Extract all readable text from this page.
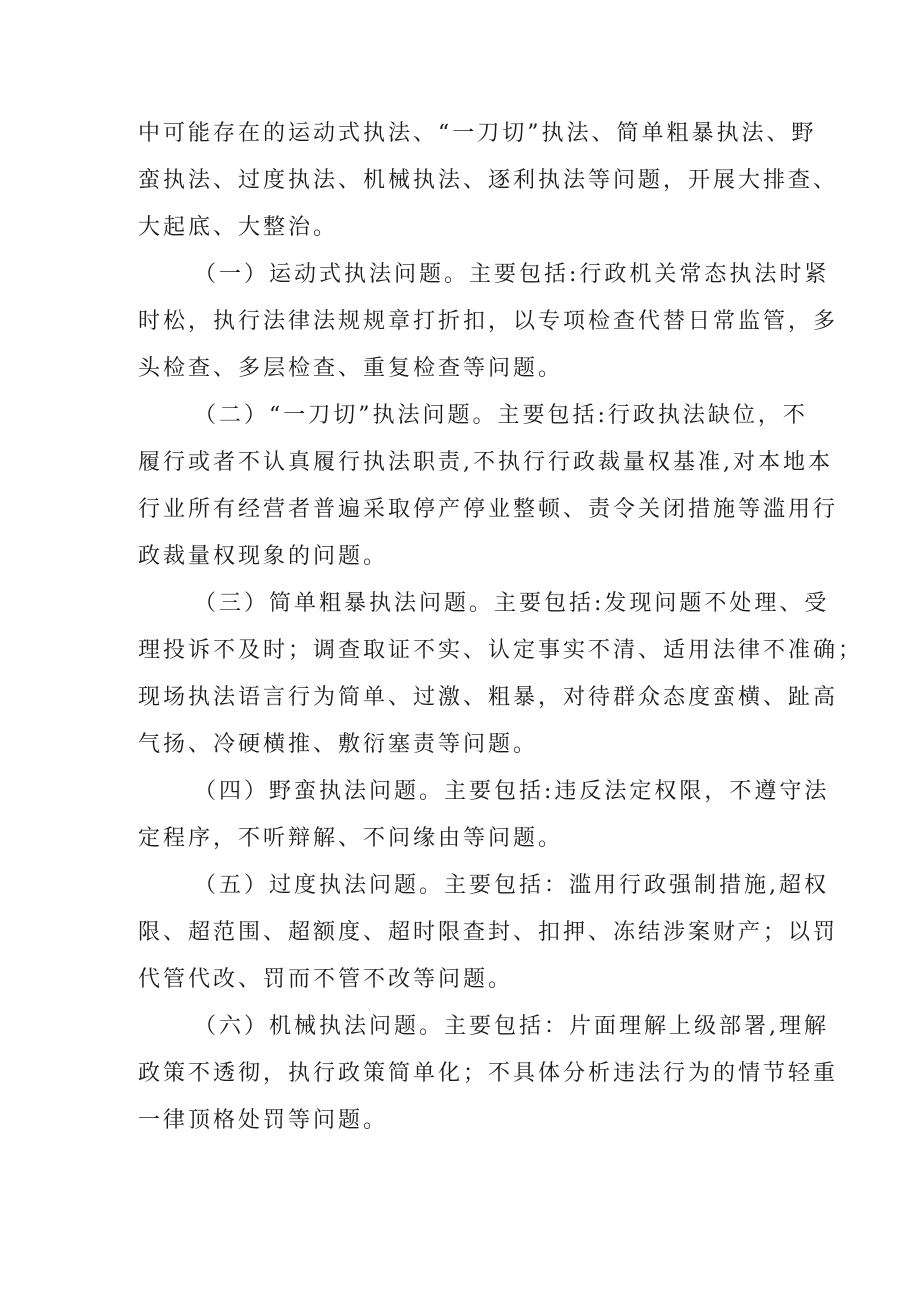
中可能存在的运动式执法、“一刀切”执法、简单粗暴执法、野
蛮执法、过度执法、机械执法、逐利执法等问题，开展大排查、
大起底、大整治。
（一）运动式执法问题。主要包括:行政机关常态执法时紧
时松，执行法律法规规章打折扣，以专项检查代替日常监管，多
头检查、多层检查、重复检查等问题。
（二）“一刀切”执法问题。主要包括:行政执法缺位，不
履行或者不认真履行执法职责,不执行行政裁量权基准,对本地本
行业所有经营者普遍采取停产停业整顿、责令关闭措施等滥用行
政裁量权现象的问题。
（三）简单粗暴执法问题。主要包括:发现问题不处理、受
理投诉不及时；调查取证不实、认定事实不清、适用法律不准确；
现场执法语言行为简单、过激、粗暴，对待群众态度蛮横、趾高
气扬、冷硬横推、敷衍塞责等问题。
（四）野蛮执法问题。主要包括:违反法定权限，不遵守法
定程序，不听辩解、不问缘由等问题。
（五）过度执法问题。主要包括：滥用行政强制措施,超权
限、超范围、超额度、超时限查封、扣押、冻结涉案财产；以罚
代管代改、罚而不管不改等问题。
（六）机械执法问题。主要包括：片面理解上级部署,理解
政策不透彻，执行政策简单化；不具体分析违法行为的情节轻重
一律顶格处罚等问题。
